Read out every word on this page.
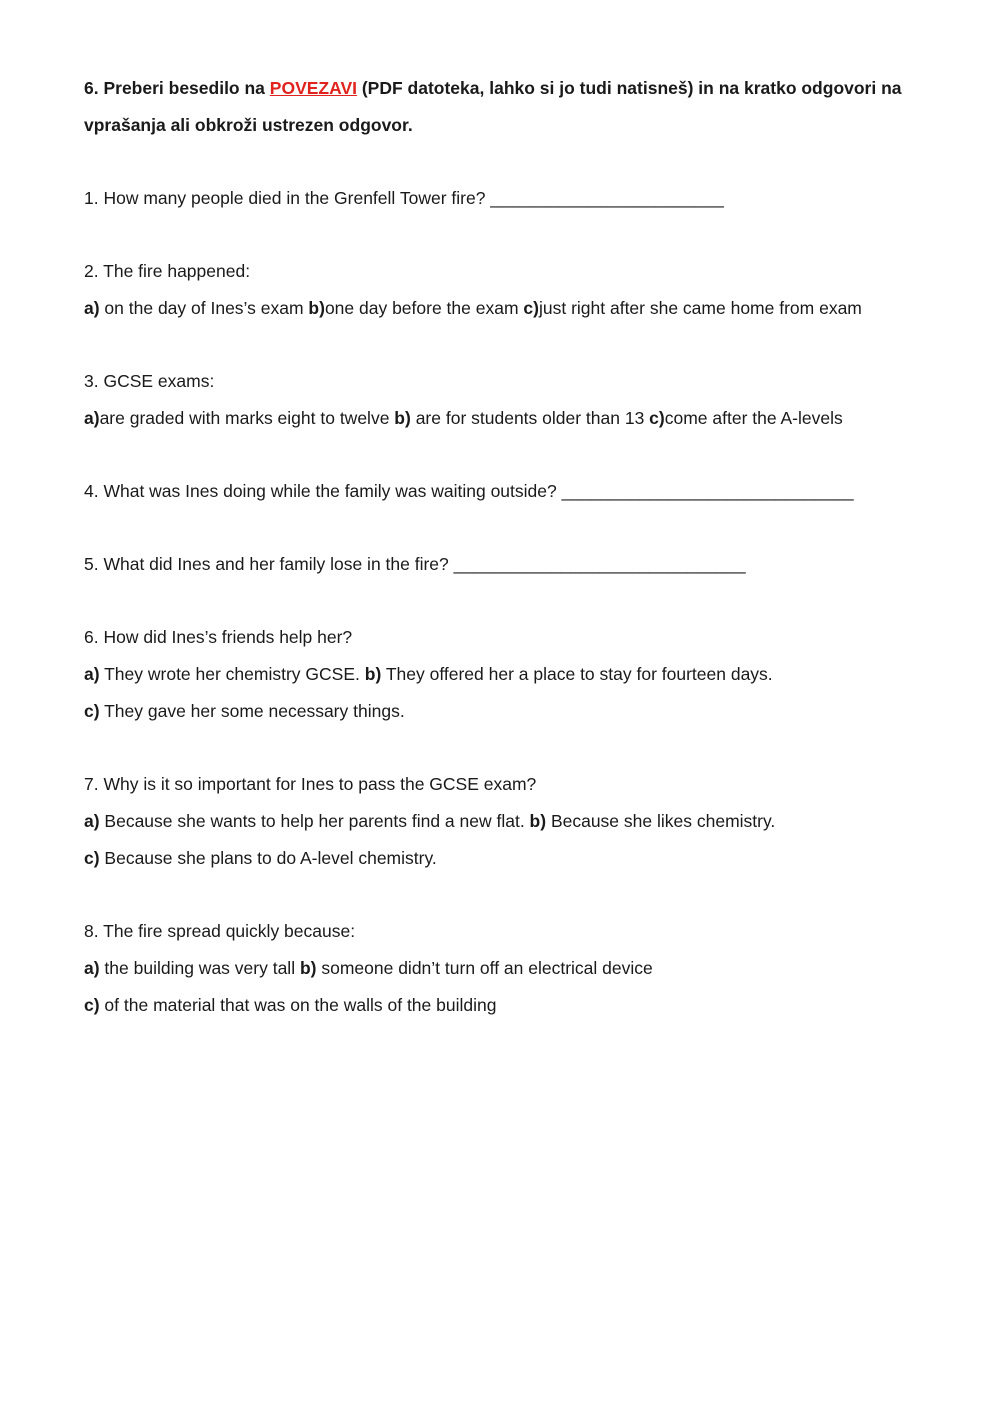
6. Preberi besedilo na POVEZAVI (PDF datoteka, lahko si jo tudi natisneš) in na kratko odgovori na vprašanja ali obkroži ustrezen odgovor.

1. How many people died in the Grenfell Tower fire? ________________________

2. The fire happened:

a) on the day of Ines’s exam b)one day before the exam c)just right after she came home from exam

3. GCSE exams:

a)are graded with marks eight to twelve b) are for students older than 13 c)come after the A-levels

4. What was Ines doing while the family was waiting outside? ______________________________

5. What did Ines and her family lose in the fire? ______________________________

6. How did Ines’s friends help her?

a) They wrote her chemistry GCSE. b) They offered her a place to stay for fourteen days.

c) They gave her some necessary things.

7. Why is it so important for Ines to pass the GCSE exam?

a) Because she wants to help her parents find a new flat. b) Because she likes chemistry.

c) Because she plans to do A-level chemistry.

8. The fire spread quickly because:

a) the building was very tall b) someone didn’t turn off an electrical device

c) of the material that was on the walls of the building
